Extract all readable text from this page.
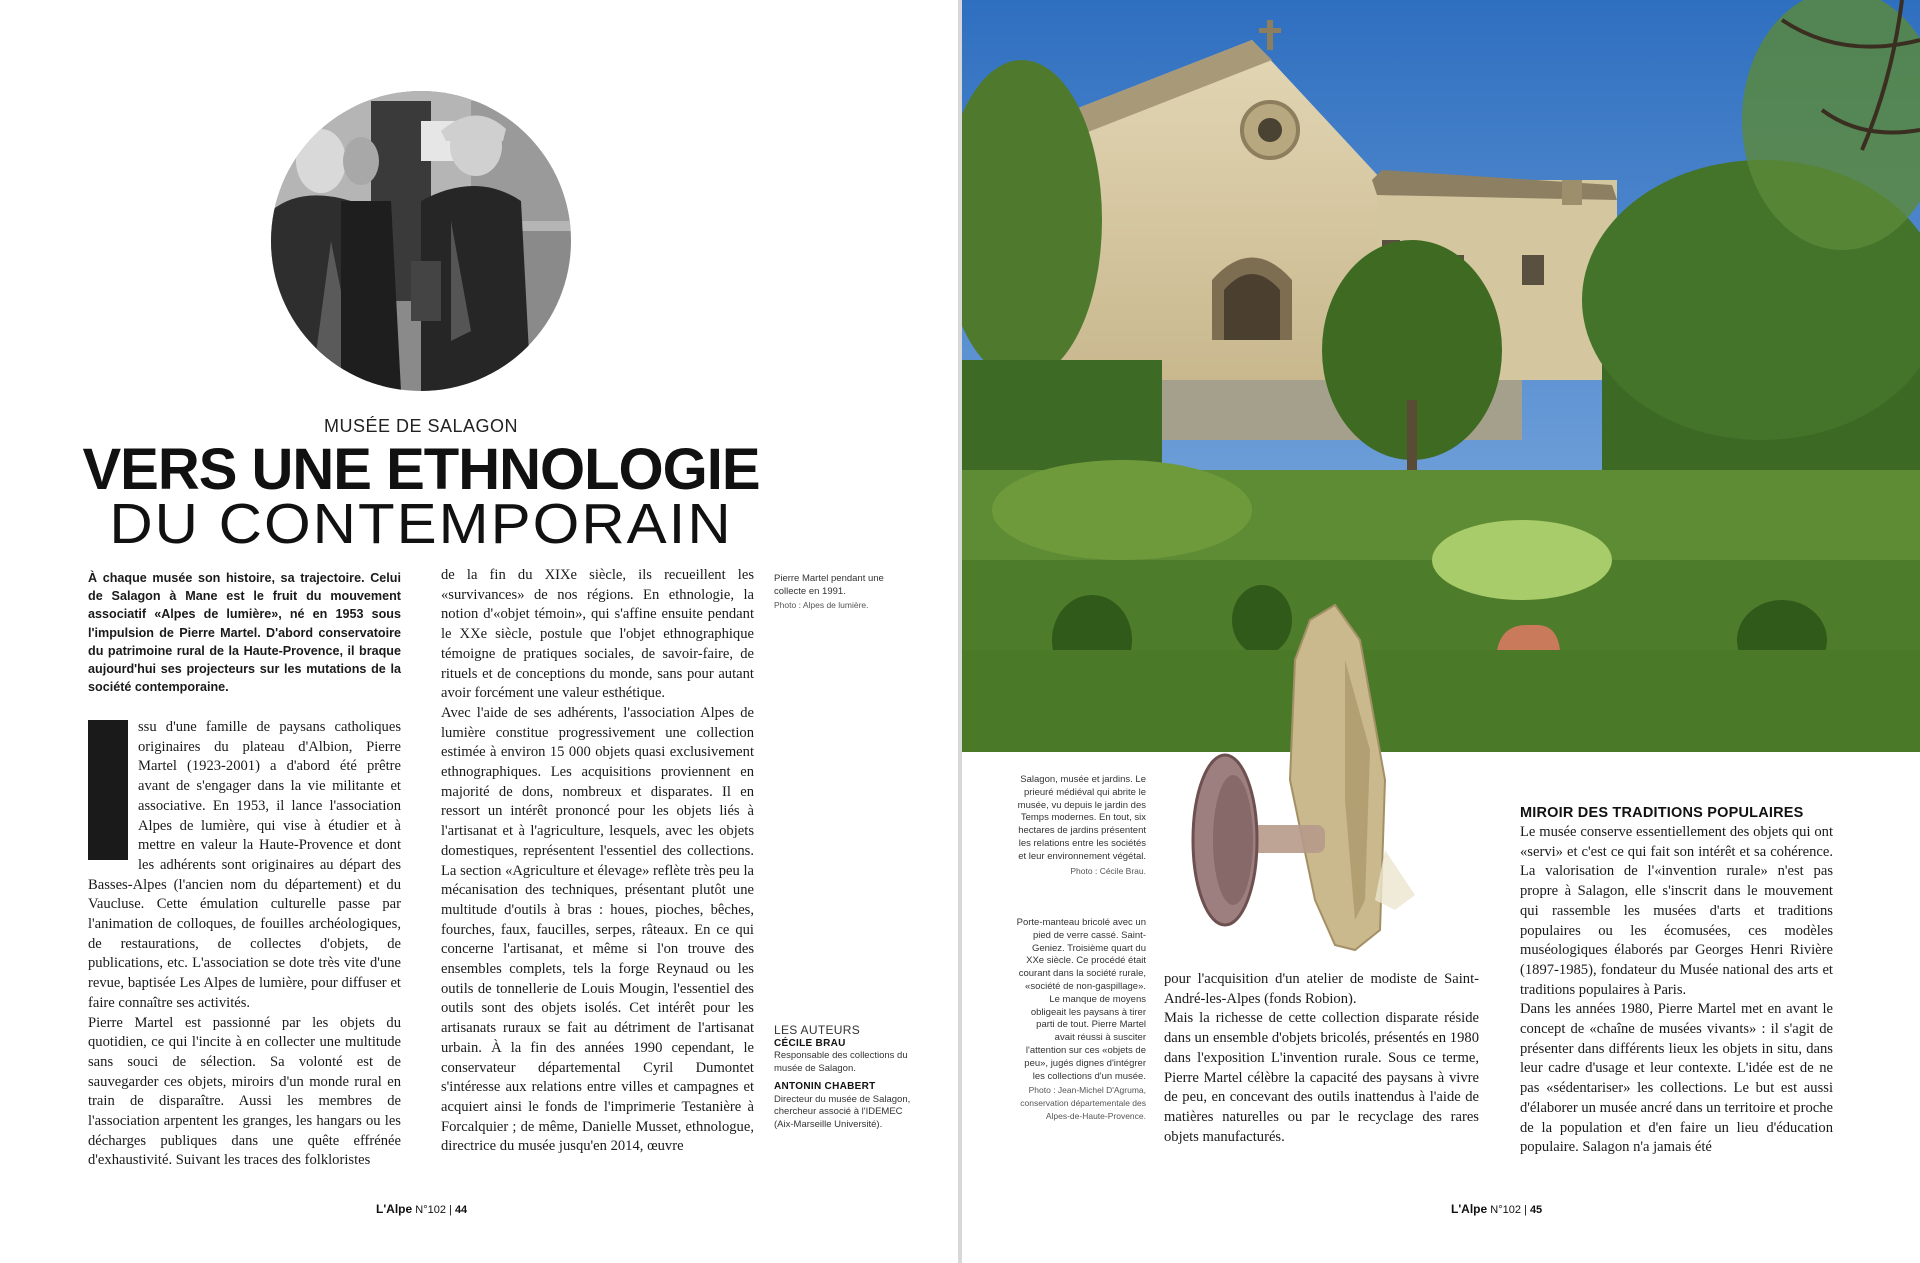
MUSÉE DE SALAGON
VERS UNE ETHNOLOGIE
DU CONTEMPORAIN
À chaque musée son histoire, sa trajectoire. Celui de Salagon à Mane est le fruit du mouvement associatif «Alpes de lumière», né en 1953 sous l'impulsion de Pierre Martel. D'abord conservatoire du patrimoine rural de la Haute-Provence, il braque aujourd'hui ses projecteurs sur les mutations de la société contemporaine.

ssu d'une famille de paysans catholiques originaires du plateau d'Albion, Pierre Martel (1923-2001) a d'abord été prêtre avant de s'engager dans la vie militante et associative. En 1953, il lance l'association Alpes de lumière, qui vise à étudier et à mettre en valeur la Haute-Provence et dont les adhérents sont originaires au départ des Basses-Alpes (l'ancien nom du département) et du Vaucluse. Cette émulation culturelle passe par l'animation de colloques, de fouilles archéologiques, de restaurations, de collectes d'objets, de publications, etc. L'association se dote très vite d'une revue, baptisée Les Alpes de lumière, pour diffuser et faire connaître ses activités.

Pierre Martel est passionné par les objets du quotidien, ce qui l'incite à en collecter une multitude sans souci de sélection. Sa volonté est de sauvegarder ces objets, miroirs d'un monde rural en train de disparaître. Aussi les membres de l'association arpentent les granges, les hangars ou les décharges publiques dans une quête effrénée d'exhaustivité. Suivant les traces des folkloristes

de la fin du XIXe siècle, ils recueillent les «survivances» de nos régions. En ethnologie, la notion d'«objet témoin», qui s'affine ensuite pendant le XXe siècle, postule que l'objet ethnographique témoigne de pratiques sociales, de savoir-faire, de rituels et de conceptions du monde, sans pour autant avoir forcément une valeur esthétique.

Avec l'aide de ses adhérents, l'association Alpes de lumière constitue progressivement une collection estimée à environ 15 000 objets quasi exclusivement ethnographiques. Les acquisitions proviennent en majorité de dons, nombreux et disparates. Il en ressort un intérêt prononcé pour les objets liés à l'artisanat et à l'agriculture, lesquels, avec les objets domestiques, représentent l'essentiel des collections. La section «Agriculture et élevage» reflète très peu la mécanisation des techniques, présentant plutôt une multitude d'outils à bras : houes, pioches, bêches, fourches, faux, faucilles, serpes, râteaux. En ce qui concerne l'artisanat, et même si l'on trouve des ensembles complets, tels la forge Reynaud ou les outils de tonnellerie de Louis Mougin, l'essentiel des outils sont des objets isolés. Cet intérêt pour les artisanats ruraux se fait au détriment de l'artisanat urbain. À la fin des années 1990 cependant, le conservateur départemental Cyril Dumontet s'intéresse aux relations entre villes et campagnes et acquiert ainsi le fonds de l'imprimerie Testanière à Forcalquier ; de même, Danielle Musset, ethnologue, directrice du musée jusqu'en 2014, œuvre

Pierre Martel pendant une collecte en 1991.
Photo : Alpes de lumière.
LES AUTEURS
CÉCILE BRAU
Responsable des collections du musée de Salagon.
ANTONIN CHABERT
Directeur du musée de Salagon, chercheur associé à l'IDEMEC (Aix-Marseille Université).
L'Alpe N°102 | 44	L'Alpe N°102 | 45
Salagon, musée et jardins. Le prieuré médiéval qui abrite le musée, vu depuis le jardin des Temps modernes. En tout, six hectares de jardins présentent les relations entre les sociétés et leur environnement végétal.
Photo : Cécile Brau.
Porte-manteau bricolé avec un pied de verre cassé. Saint-Geniez. Troisième quart du XXe siècle. Ce procédé était courant dans la société rurale, «société de non-gaspillage». Le manque de moyens obligeait les paysans à tirer parti de tout. Pierre Martel avait réussi à susciter l'attention sur ces «objets de peu», jugés dignes d'intégrer les collections d'un musée.
Photo : Jean-Michel D'Agruma, conservation départementale des Alpes-de-Haute-Provence.

pour l'acquisition d'un atelier de modiste de Saint-André-les-Alpes (fonds Robion).

Mais la richesse de cette collection disparate réside dans un ensemble d'objets bricolés, présentés en 1980 dans l'exposition L'invention rurale. Sous ce terme, Pierre Martel célèbre la capacité des paysans à vivre de peu, en concevant des outils inattendus à l'aide de matières naturelles ou par le recyclage des rares objets manufacturés.

MIROIR DES TRADITIONS POPULAIRES

Le musée conserve essentiellement des objets qui ont «servi» et c'est ce qui fait son intérêt et sa cohérence. La valorisation de l'«invention rurale» n'est pas propre à Salagon, elle s'inscrit dans le mouvement qui rassemble les musées d'arts et traditions populaires ou les écomusées, ces modèles muséologiques élaborés par Georges Henri Rivière (1897-1985), fondateur du Musée national des arts et traditions populaires à Paris.

Dans les années 1980, Pierre Martel met en avant le concept de «chaîne de musées vivants» : il s'agit de présenter dans différents lieux les objets in situ, dans leur cadre d'usage et leur contexte. L'idée est de ne pas «sédentariser» les collections. Le but est aussi d'élaborer un musée ancré dans un territoire et proche de la population et d'en faire un lieu d'éducation populaire. Salagon n'a jamais été
